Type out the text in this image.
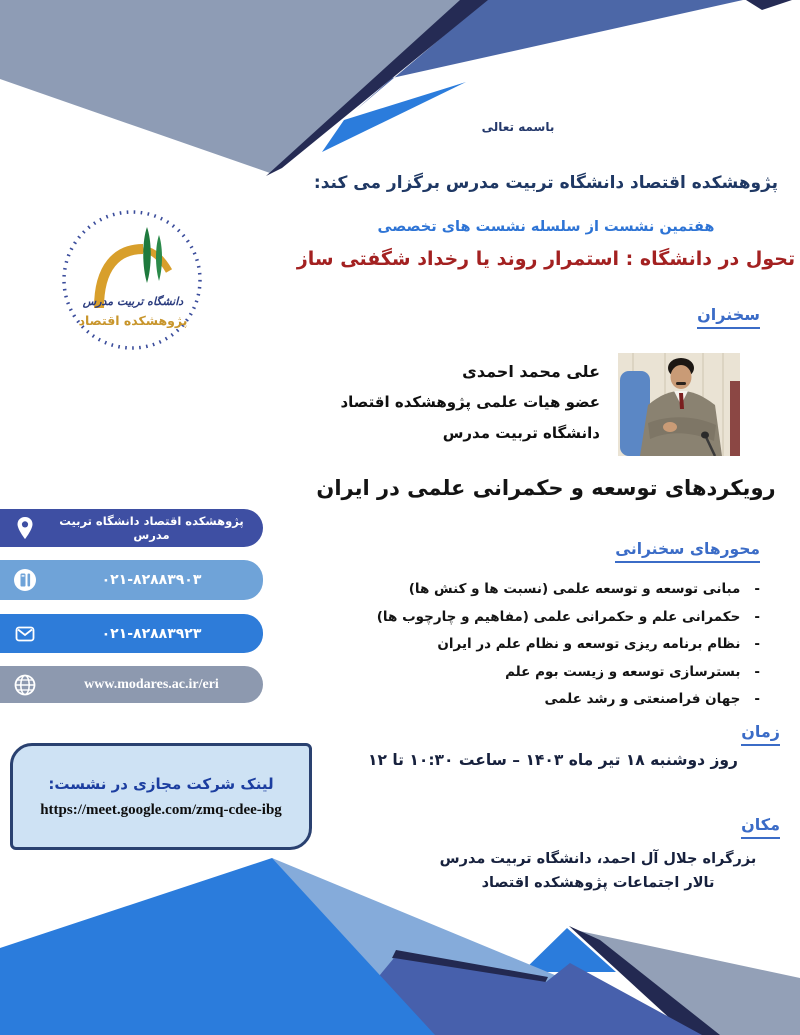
دانشگاه تربیت مدرس
پژوهشکده اقتصاد
باسمه تعالی
پژوهشکده اقتصاد دانشگاه تربیت مدرس برگزار می کند:
هفتمین نشست از سلسله نشست های تخصصی
تحول در دانشگاه : استمرار روند یا رخداد شگفتی ساز
سخنران
علی محمد احمدی
عضو هیات علمی پژوهشکده اقتصاد
دانشگاه تربیت مدرس
رویکردهای توسعه و حکمرانی علمی در ایران
محورهای سخنرانی
- مبانی توسعه و توسعه علمی (نسبت ها و کنش ها)
- حکمرانی علم و حکمرانی علمی (مفاهیم و چارچوب ها)
- نظام برنامه ریزی توسعه و نظام علم در ایران
- بسترسازی توسعه و زیست بوم علم
- جهان فراصنعتی و رشد علمی
زمان
روز دوشنبه ۱۸ تیر ماه ۱۴۰۳ – ساعت ۱۰:۳۰ تا ۱۲
مکان
بزرگراه جلال آل احمد، دانشگاه تربیت مدرس
تالار اجتماعات پژوهشکده اقتصاد
پژوهشکده اقتصاد دانشگاه تربیت مدرس
۰۲۱-۸۲۸۸۳۹۰۳
۰۲۱-۸۲۸۸۳۹۲۳
www.modares.ac.ir/eri
لینک شرکت مجازی در نشست:
https://meet.google.com/zmq-cdee-ibg
